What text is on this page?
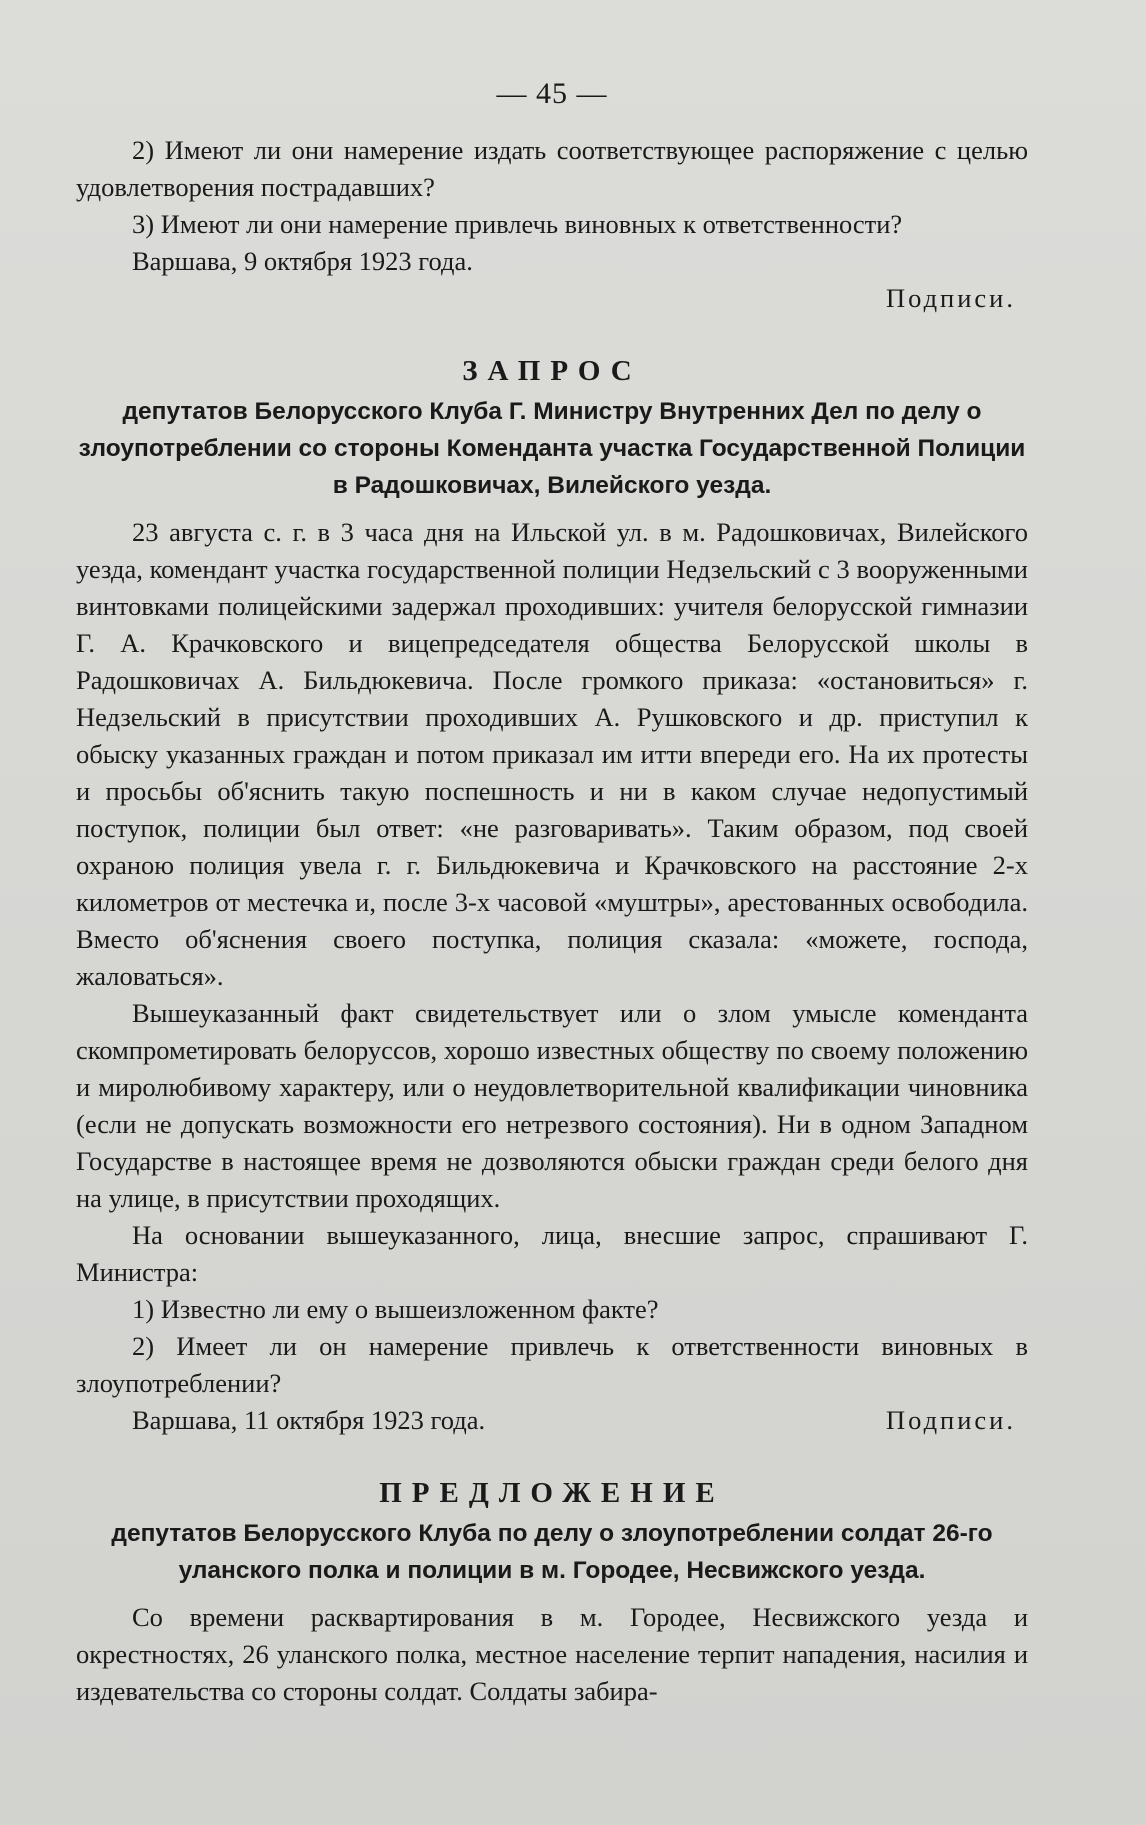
— 45 —

2) Имеют ли они намерение издать соответствующее распоряжение с целью удовлетворения пострадавших?

3) Имеют ли они намерение привлечь виновных к ответственности?

Варшава, 9 октября 1923 года.

Подписи.
ЗАПРОС
депутатов Белорусского Клуба Г. Министру Внутренних Дел по делу о злоупотреблении со стороны Коменданта участка Государственной Полиции в Радошковичах, Вилейского уезда.

23 августа с. г. в 3 часа дня на Ильской ул. в м. Радошковичах, Вилейского уезда, комендант участка государственной полиции Недзельский с 3 вооруженными винтовками полицейскими задержал проходивших: учителя белорусской гимназии Г. А. Крачковского и вицепредседателя общества Белорусской школы в Радошковичах А. Бильдюкевича. После громкого приказа: «остановиться» г. Недзельский в присутствии проходивших А. Рушковского и др. приступил к обыску указанных граждан и потом приказал им итти впереди его. На их протесты и просьбы об'яснить такую поспешность и ни в каком случае недопустимый поступок, полиции был ответ: «не разговаривать». Таким образом, под своей охраною полиция увела г. г. Бильдюкевича и Крачковского на расстояние 2-х километров от местечка и, после 3-х часовой «муштры», арестованных освободила. Вместо об'яснения своего поступка, полиция сказала: «можете, господа, жаловаться».

Вышеуказанный факт свидетельствует или о злом умысле коменданта скомпрометировать белоруссов, хорошо известных обществу по своему положению и миролюбивому характеру, или о неудовлетворительной квалификации чиновника (если не допускать возможности его нетрезвого состояния). Ни в одном Западном Государстве в настоящее время не дозволяются обыски граждан среди белого дня на улице, в присутствии проходящих.

На основании вышеуказанного, лица, внесшие запрос, спрашивают Г. Министра:

1) Известно ли ему о вышеизложенном факте?

2) Имеет ли он намерение привлечь к ответственности виновных в злоупотреблении?

Варшава, 11 октября 1923 года.	Подписи.
ПРЕДЛОЖЕНИЕ
депутатов Белорусского Клуба по делу о злоупотреблении солдат 26-го уланского полка и полиции в м. Городее, Несвижского уезда.

Со времени расквартирования в м. Городее, Несвижского уезда и окрестностях, 26 уланского полка, местное население терпит нападения, насилия и издевательства со стороны солдат. Солдаты забира-
